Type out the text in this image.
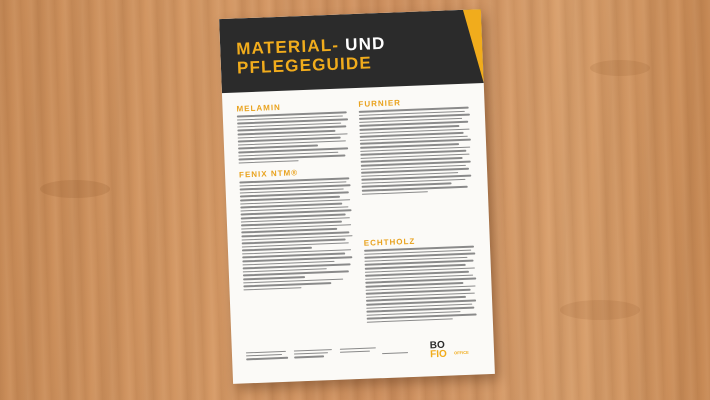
MATERIAL- UND
PFLEGEGUIDE
MELAMIN
FENIX NTM®
FURNIER
ECHTHOLZ
BO
FIO OFFICE
